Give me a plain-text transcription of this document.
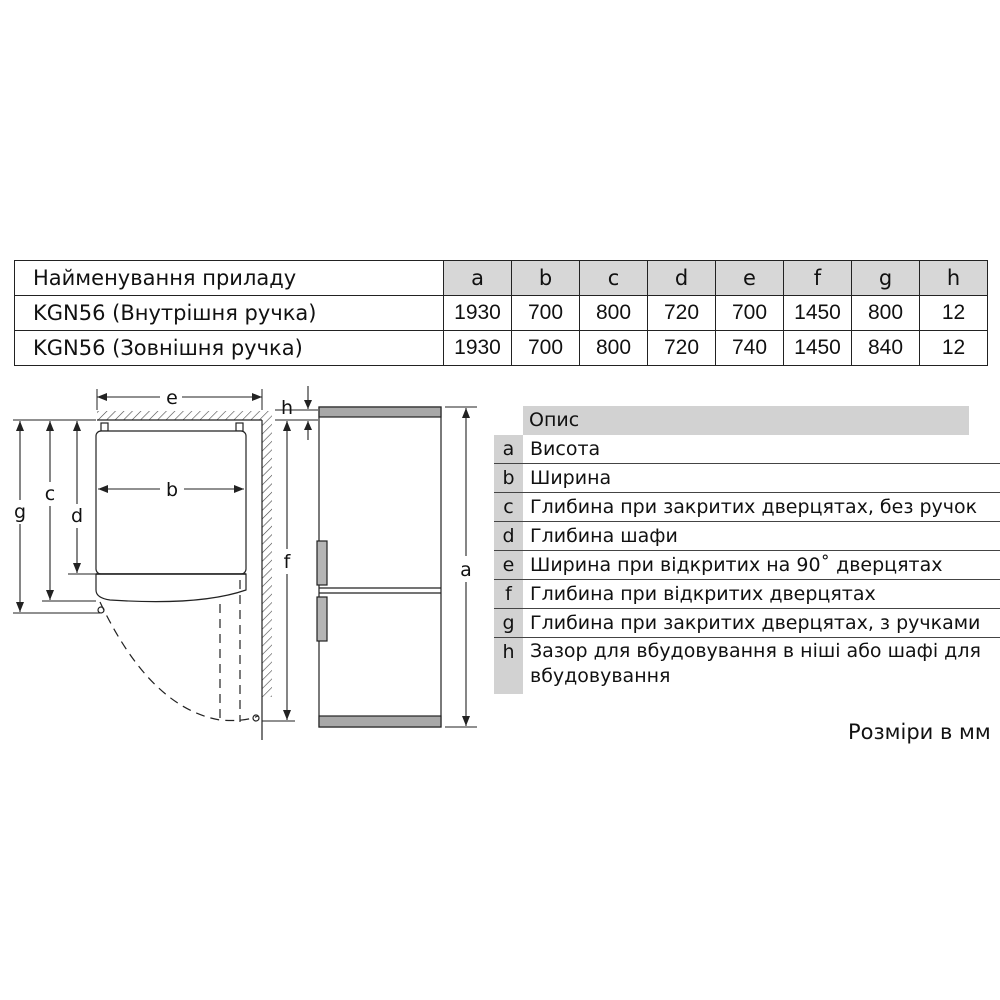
Найменування приладу	a	b	c	d	e	f	g	h
KGN56 (Внутрішня ручка)	1930	700	800	720	700	1450	800	12
KGN56 (Зовнішня ручка)	1930	700	800	720	740	1450	840	12
e
b
g
c
d
f
h
a
Опис
a Висота
b Ширина
c Глибина при закритих дверцятах, без ручок
d Глибина шафи
e Ширина при відкритих на 90˚ дверцятах
f Глибина при відкритих дверцятах
g Глибина при закритих дверцятах, з ручками
h Зазор для вбудовування в ніші або шафі для вбудовування
Розміри в мм
